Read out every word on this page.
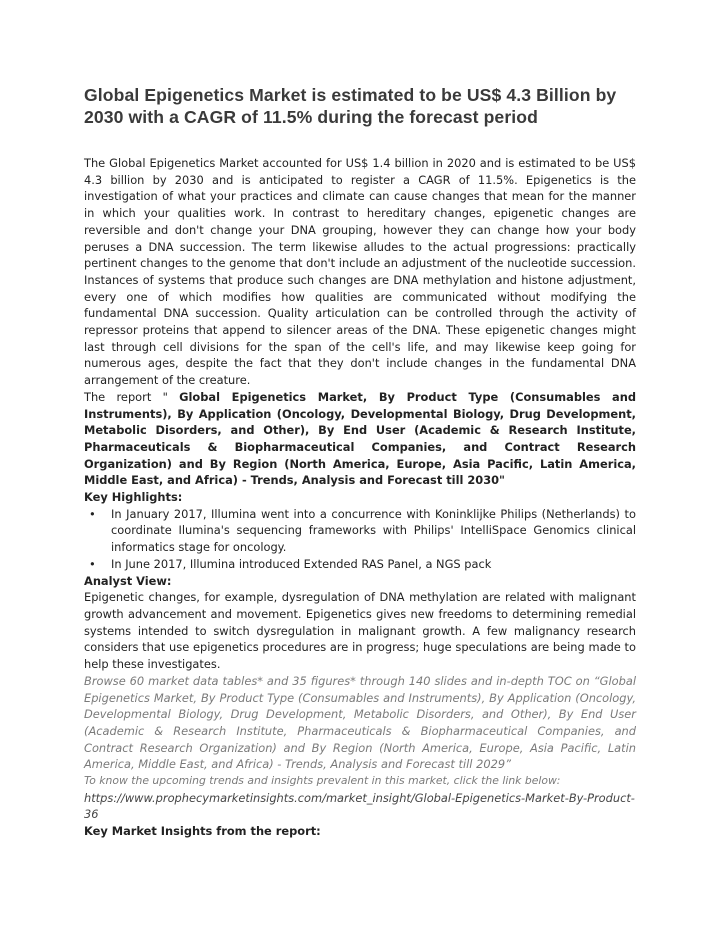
Global Epigenetics Market is estimated to be US$ 4.3 Billion by 2030 with a CAGR of 11.5% during the forecast period

The Global Epigenetics Market accounted for US$ 1.4 billion in 2020 and is estimated to be US$ 4.3 billion by 2030 and is anticipated to register a CAGR of 11.5%. Epigenetics is the investigation of what your practices and climate can cause changes that mean for the manner in which your qualities work. In contrast to hereditary changes, epigenetic changes are reversible and don't change your DNA grouping, however they can change how your body peruses a DNA succession. The term likewise alludes to the actual progressions: practically pertinent changes to the genome that don't include an adjustment of the nucleotide succession. Instances of systems that produce such changes are DNA methylation and histone adjustment, every one of which modifies how qualities are communicated without modifying the fundamental DNA succession. Quality articulation can be controlled through the activity of repressor proteins that append to silencer areas of the DNA. These epigenetic changes might last through cell divisions for the span of the cell's life, and may likewise keep going for numerous ages, despite the fact that they don't include changes in the fundamental DNA arrangement of the creature.

The report " Global Epigenetics Market, By Product Type (Consumables and Instruments), By Application (Oncology, Developmental Biology, Drug Development, Metabolic Disorders, and Other), By End User (Academic & Research Institute, Pharmaceuticals & Biopharmaceutical Companies, and Contract Research Organization) and By Region (North America, Europe, Asia Pacific, Latin America, Middle East, and Africa) - Trends, Analysis and Forecast till 2030"

Key Highlights:

• In January 2017, Illumina went into a concurrence with Koninklijke Philips (Netherlands) to coordinate Ilumina's sequencing frameworks with Philips' IntelliSpace Genomics clinical informatics stage for oncology.
• In June 2017, Illumina introduced Extended RAS Panel, a NGS pack

Analyst View:

Epigenetic changes, for example, dysregulation of DNA methylation are related with malignant growth advancement and movement. Epigenetics gives new freedoms to determining remedial systems intended to switch dysregulation in malignant growth. A few malignancy research considers that use epigenetics procedures are in progress; huge speculations are being made to help these investigates.

Browse 60 market data tables* and 35 figures* through 140 slides and in-depth TOC on “Global Epigenetics Market, By Product Type (Consumables and Instruments), By Application (Oncology, Developmental Biology, Drug Development, Metabolic Disorders, and Other), By End User (Academic & Research Institute, Pharmaceuticals & Biopharmaceutical Companies, and Contract Research Organization) and By Region (North America, Europe, Asia Pacific, Latin America, Middle East, and Africa) - Trends, Analysis and Forecast till 2029”

To know the upcoming trends and insights prevalent in this market, click the link below:

https://www.prophecymarketinsights.com/market_insight/Global-Epigenetics-Market-By-Product-36

Key Market Insights from the report:
